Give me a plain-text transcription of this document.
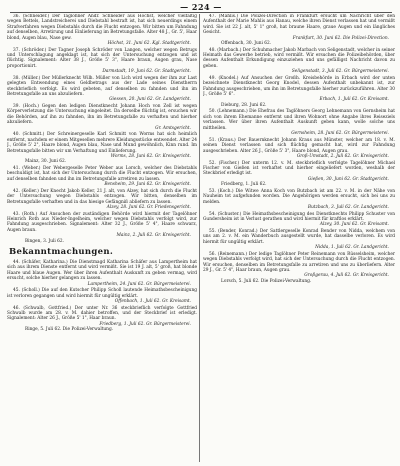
— 224 —
36. (Schneider.) Der Taglöhner Andr. Schneider aus Höchst, welcher vielfältig wegen Bettels, Landstreicherei und Diebstahl bestraft ist, hat sich neuerdings einem Strafverfahren wegen Diebstahls durch die Flucht entzogen. Wir bitten um Fahndung auf denselben, Arretirung und Einlieferung im Betretungsfalle. Alter 48 J., Gr. 5', Haar blond, Augen blau, Nase gew.
Höchst, 31. Juni 62. Kgl. Stadtgericht.
37. (Schröder.) Der Tagner Joseph Schröder von Langen, welcher wegen Betrugs und Unterschlagung angeklagt ist, hat sich der Untersuchung entzogen und ist flüchtig. Signalement: Alter 38 J., Größe 5' 3", Haare braun, Augen grau, Nase proportionirt.
Darmstadt, 19. Juni 62. Gr. Stadtgericht.
38. (Müller.) Der Müllerknecht Wilh. Müller von Lich wird wegen der ihm zur Last gelegten Entwendung eines Geldbetrags aus der Lade seines Dienstherrn steckbrieflich verfolgt. Es wird gebeten, auf denselben zu fahnden und ihn im Betretungsfalle an uns abzuliefern.
Giessen, 20. Juni 62. Gr. Landgericht.
39. (Hoch.) Gegen den ledigen Dienstknecht Johann Hoch von Zell ist wegen Körperverletzung die Untersuchung eingeleitet. Da derselbe flüchtig ist, ersuchen wir die Behörden, auf ihn zu fahnden, ihn im Betretungsfalle zu verhaften und hierher abzuliefern.
Gr. Amtsgericht.
40. (Schmitt.) Der Schreinergeselle Karl Schmitt von Worms hat sich heimlich entfernt, nachdem er einem Mitgesellen mehrere Kleidungsstücke entwendet. Alter 24 J., Größe 5' 2", Haare blond, Augen blau, Nase und Mund gewöhnlich, Kinn rund. Im Betretungsfalle bitten wir um Verhaftung und Einlieferung.
Worms, 28. Juni 62. Gr. Kreisgericht.
Mainz, 30. Juni 62.
41. (Weber.) Der Webergeselle Peter Weber aus Lorsch, welcher des Diebstahls beschuldigt ist, hat sich der Untersuchung durch die Flucht entzogen. Wir ersuchen, auf denselben fahnden und ihn im Betretungsfalle arretiren zu lassen.
Bensheim, 29. Juni 62. Gr. Kreisgericht.
42. (Keller.) Der Knecht Jakob Keller, 21 J. alt, von Alzey, hat sich durch die Flucht der Untersuchung wegen Diebstahls entzogen. Wir bitten, denselben im Betretungsfalle verhaften und in das hiesige Gefängniß abliefern zu lassen.
Alzey, 28. Juni 62. Gr. Friedensgericht.
43. (Roth.) Auf Ansuchen der zuständigen Behörde wird hiermit der Tagelöhner Heinrich Roth aus Nieder-Ingelheim, welcher wegen Diebstahls verfolgt wird, zur Fahndung ausgeschrieben. Signalement: Alter 32 J., Größe 5' 4", Haare schwarz, Augen braun.
Mainz, 2. Juli 62. Gr. Kreisgericht.
Bingen, 3. Juli 62.
Bekanntmachungen.
44. (Schäfer, Katharina.) Die Dienstmagd Katharina Schäfer aus Lampertheim hat sich aus ihrem Dienste entfernt und wird vermißt. Sie ist 19 J. alt, 5' groß, hat blonde Haare und blaue Augen. Wer über ihren Aufenthalt Auskunft zu geben vermag, wird ersucht, solche hierher gelangen zu lassen.
Lampertheim, 24. Juni 62. Gr. Bürgermeisterei.
45. (Scholl.) Die auf den Kutscher Philipp Scholl lautende Heimathsbescheinigung ist verloren gegangen und wird hiermit für ungültig erklärt.
Offenbach, 1. Juli 62. Gr. Kreisamt.
46. (Schwalb, Gottfried.) Der unter Nr. 36 steckbrieflich verfolgte Gottfried Schwalb wurde am 28. v. M. dahier betroffen, und der Steckbrief ist erledigt. Signalement: Alter 26 J., Größe 5' 1", Haar braun.
Friedberg, 1. Juli 62. Gr. Bürgermeisterei.
Ringe, 5. Juli 62. Die Polizei-Verwaltung.
47. (Mahlis.) Die Polizei-Direction in Frankfurt ersucht um Nachricht über den Aufenthalt der Marie Mahlis aus Hanau, welche ihren Dienst verlassen hat und vermißt wird. Sie ist 22 J. alt, 5' 1" groß, hat braune Haare, graue Augen und ein längliches Gesicht.
Frankfurt, 30. Juni 62. Die Polizei-Direction.
Offenbach, 30. Juni 62.
48. (Marbach.) Der Schuhmacher Jakob Marbach von Seligenstadt, welcher in seiner Heimath das Gewerbe betrieb, wird vermißt. Wir ersuchen die Polizeibehörden, über dessen Aufenthalt Erkundigung einzuziehen und uns gefälligst Nachricht davon zu geben.
Seligenstadt, 3. Juli 62. Gr. Bürgermeisterei.
49. (Knodel.) Auf Ansuchen der Großh. Kreisbehörde in Erbach wird der unten bezeichnete Dienstknecht Georg Knodel, dessen Aufenthalt unbekannt ist, zur Fahndung ausgeschrieben, um ihn im Betretungsfalle hierher zurückzuführen. Alter 30 J., Größe 5' 6".
Erbach, 1. Juli 62. Gr. Kreisamt.
Dieburg, 28. Juni 62.
50. (Lehnemann.) Die Ehefrau des Taglöhners Georg Lehnemann von Gernsheim hat sich von ihrem Ehemanne entfernt und ihren Wohnort ohne Angabe ihres Reiseziels verlassen. Wer über ihren Aufenthalt Auskunft geben kann, wolle solche uns mittheilen.
Gernsheim, 28. Juni 62. Gr. Bürgermeisterei.
51. (Kraus.) Der Bauernknecht Johann Kraus aus Münster, welcher am 18. v. M. seinen Dienst verlassen und sich flüchtig gemacht hat, wird zur Fahndung ausgeschrieben. Alter 26 J., Größe 5' 3", Haare blond, Augen grau.
Groß-Umstadt, 2. Juli 62. Gr. Kreisgericht.
52. (Fischer.) Der unterm 12. v. M. steckbrieflich verfolgte Tagelöhner Michael Fischer von Gießen ist verhaftet und hierher eingeliefert worden, weshalb der Steckbrief erledigt ist.
Gießen, 30. Juni 62. Gr. Stadtgericht.
Friedberg, 1. Juli 62.
53. (Koch.) Die Witwe Anna Koch von Butzbach ist am 22. v. M. in der Nähe von Nauheim tot aufgefunden worden. Die Angehörigen werden ersucht, sich bei uns zu melden.
Butzbach, 3. Juli 62. Gr. Landgericht.
54. (Schuster.) Die Heimathsbescheinigung des Dienstknechts Philipp Schuster von Gundersheim ist in Verlust gerathen und wird hiermit für kraftlos erklärt.
Alzey, 30. Juni 62. Gr. Kreisamt.
55. (Bender, Konrad.) Der Sattlergeselle Konrad Bender von Nidda, welchem von uns am 2. v. M. ein Wanderbuch ausgestellt wurde, hat dasselbe verloren. Es wird hiermit für ungültig erklärt.
Nidda, 1. Juli 62. Gr. Landgericht.
56. (Reinemann.) Der ledige Taglöhner Peter Reinemann von Rüsselsheim, welcher wegen Diebstahls verfolgt wird, hat sich der Untersuchung durch die Flucht entzogen. Wir ersuchen, denselben im Betretungsfalle zu arretiren und uns zu überliefern. Alter 29 J., Gr. 5' 4", Haar braun, Augen grau.
Großgerau, 4. Juli 62. Gr. Kreisgericht.
Lorsch, 5. Juli 62. Die Polizei-Verwaltung.
